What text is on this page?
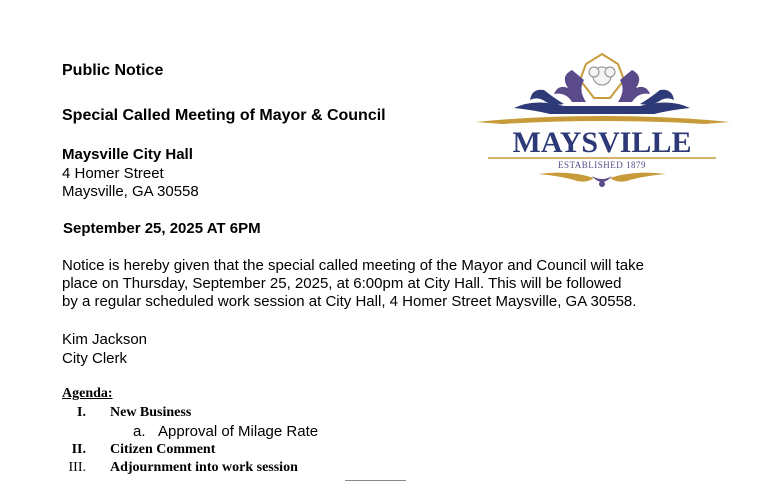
Public Notice
Special Called Meeting of Mayor & Council
Maysville City Hall
4 Homer Street
Maysville, GA 30558
September 25, 2025 AT 6PM
Notice is hereby given that the special called meeting of the Mayor and Council will take
place on Thursday, September 25, 2025, at 6:00pm at City Hall. This will be followed
by a regular scheduled work session at City Hall, 4 Homer Street Maysville, GA 30558.
Kim Jackson
City Clerk
MAYSVILLE
ESTABLISHED 1879
Agenda:
I. New Business
a. Approval of Milage Rate
II. Citizen Comment
III. Adjournment into work session
